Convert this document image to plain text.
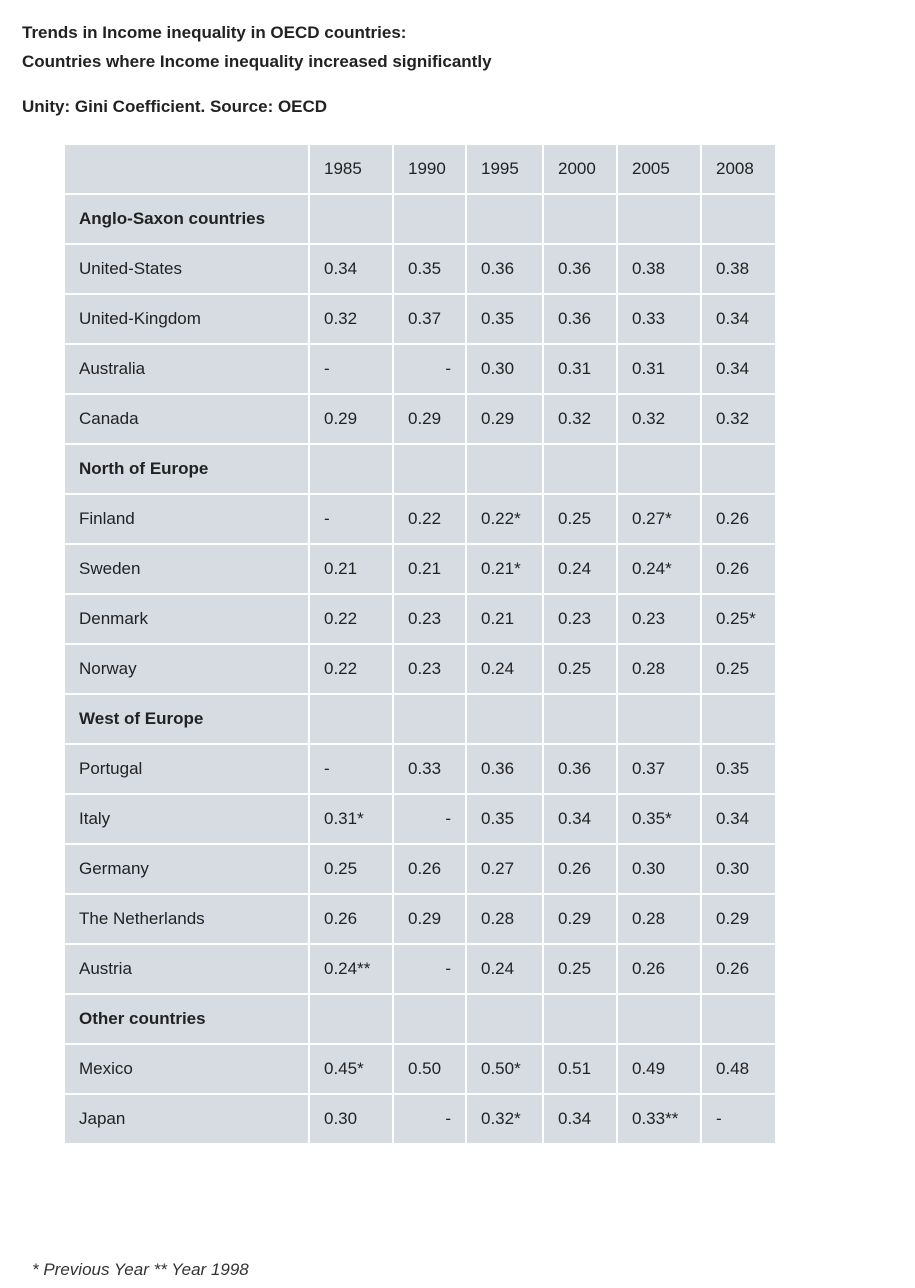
Trends in Income inequality in OECD countries:
Countries where Income inequality increased significantly
Unity: Gini Coefficient. Source: OECD
	1985	1990	1995	2000	2005	2008
Anglo-Saxon countries						
United-States	0.34	0.35	0.36	0.36	0.38	0.38
United-Kingdom	0.32	0.37	0.35	0.36	0.33	0.34
Australia	-	-	0.30	0.31	0.31	0.34
Canada	0.29	0.29	0.29	0.32	0.32	0.32
North of Europe						
Finland	-	0.22	0.22*	0.25	0.27*	0.26
Sweden	0.21	0.21	0.21*	0.24	0.24*	0.26
Denmark	0.22	0.23	0.21	0.23	0.23	0.25*
Norway	0.22	0.23	0.24	0.25	0.28	0.25
West of Europe						
Portugal	-	0.33	0.36	0.36	0.37	0.35
Italy	0.31*	-	0.35	0.34	0.35*	0.34
Germany	0.25	0.26	0.27	0.26	0.30	0.30
The Netherlands	0.26	0.29	0.28	0.29	0.28	0.29
Austria	0.24**	-	0.24	0.25	0.26	0.26
Other countries						
Mexico	0.45*	0.50	0.50*	0.51	0.49	0.48
Japan	0.30	-	0.32*	0.34	0.33**	-
* Previous Year ** Year 1998
